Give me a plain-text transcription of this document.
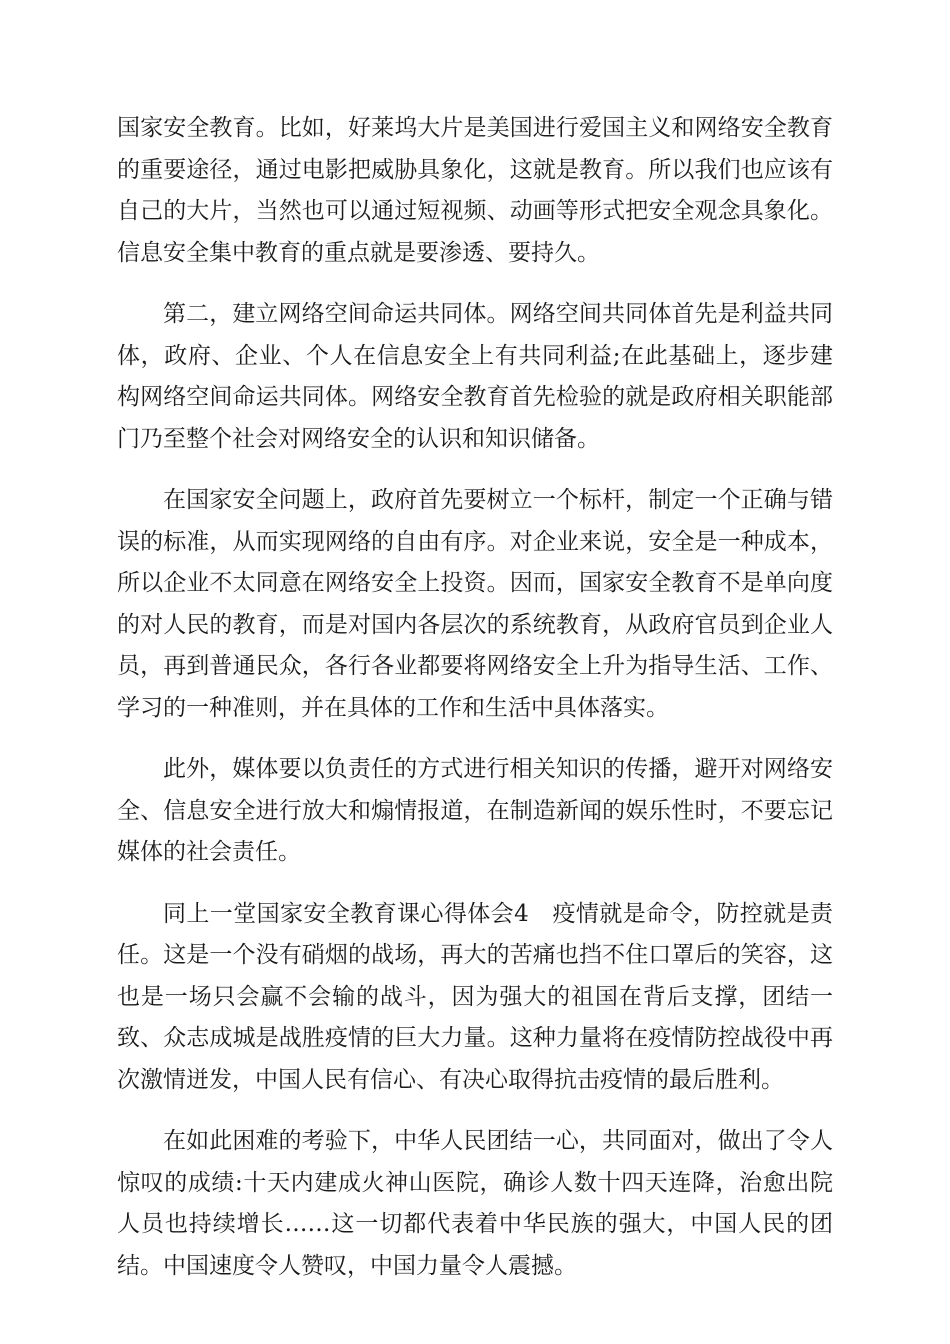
国家安全教育。比如，好莱坞大片是美国进行爱国主义和网络安全教育的重要途径，通过电影把威胁具象化，这就是教育。所以我们也应该有自己的大片，当然也可以通过短视频、动画等形式把安全观念具象化。信息安全集中教育的重点就是要渗透、要持久。

第二，建立网络空间命运共同体。网络空间共同体首先是利益共同体，政府、企业、个人在信息安全上有共同利益;在此基础上，逐步建构网络空间命运共同体。网络安全教育首先检验的就是政府相关职能部门乃至整个社会对网络安全的认识和知识储备。

在国家安全问题上，政府首先要树立一个标杆，制定一个正确与错误的标准，从而实现网络的自由有序。对企业来说，安全是一种成本，所以企业不太同意在网络安全上投资。因而，国家安全教育不是单向度的对人民的教育，而是对国内各层次的系统教育，从政府官员到企业人员，再到普通民众，各行各业都要将网络安全上升为指导生活、工作、学习的一种准则，并在具体的工作和生活中具体落实。

此外，媒体要以负责任的方式进行相关知识的传播，避开对网络安全、信息安全进行放大和煽情报道，在制造新闻的娱乐性时，不要忘记媒体的社会责任。

同上一堂国家安全教育课心得体会4　疫情就是命令，防控就是责任。这是一个没有硝烟的战场，再大的苦痛也挡不住口罩后的笑容，这也是一场只会赢不会输的战斗，因为强大的祖国在背后支撑，团结一致、众志成城是战胜疫情的巨大力量。这种力量将在疫情防控战役中再次激情迸发，中国人民有信心、有决心取得抗击疫情的最后胜利。

在如此困难的考验下，中华人民团结一心，共同面对，做出了令人惊叹的成绩:十天内建成火神山医院，确诊人数十四天连降，治愈出院人员也持续增长……这一切都代表着中华民族的强大，中国人民的团结。中国速度令人赞叹，中国力量令人震撼。
